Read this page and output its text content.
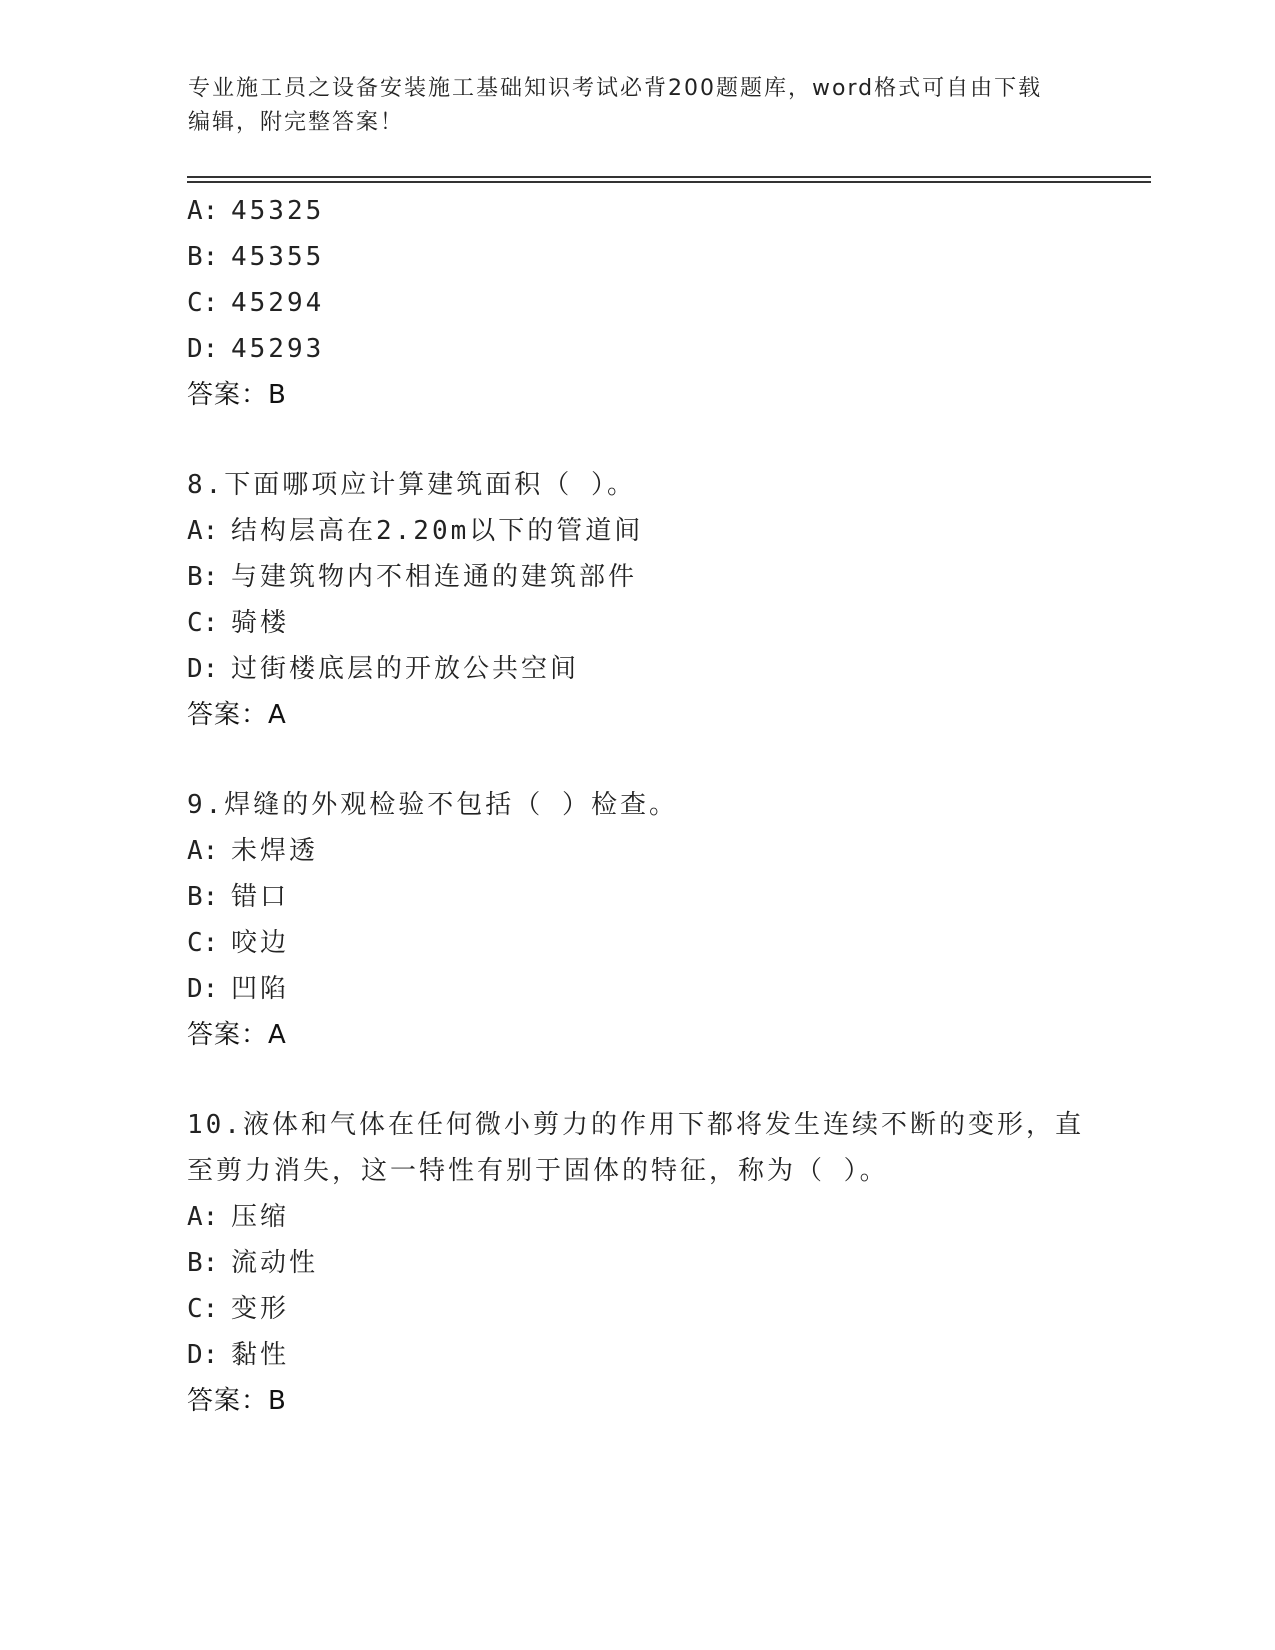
专业施工员之设备安装施工基础知识考试必背200题题库，word格式可自由下载
编辑，附完整答案！
A: 45325
B: 45355
C: 45294
D: 45293
答案：B
8.下面哪项应计算建筑面积（ ）。
A: 结构层高在2.20m以下的管道间
B: 与建筑物内不相连通的建筑部件
C: 骑楼
D: 过街楼底层的开放公共空间
答案：A
9.焊缝的外观检验不包括（ ）检查。
A: 未焊透
B: 错口
C: 咬边
D: 凹陷
答案：A
10.液体和气体在任何微小剪力的作用下都将发生连续不断的变形，直
至剪力消失，这一特性有别于固体的特征，称为（ ）。
A: 压缩
B: 流动性
C: 变形
D: 黏性
答案：B
